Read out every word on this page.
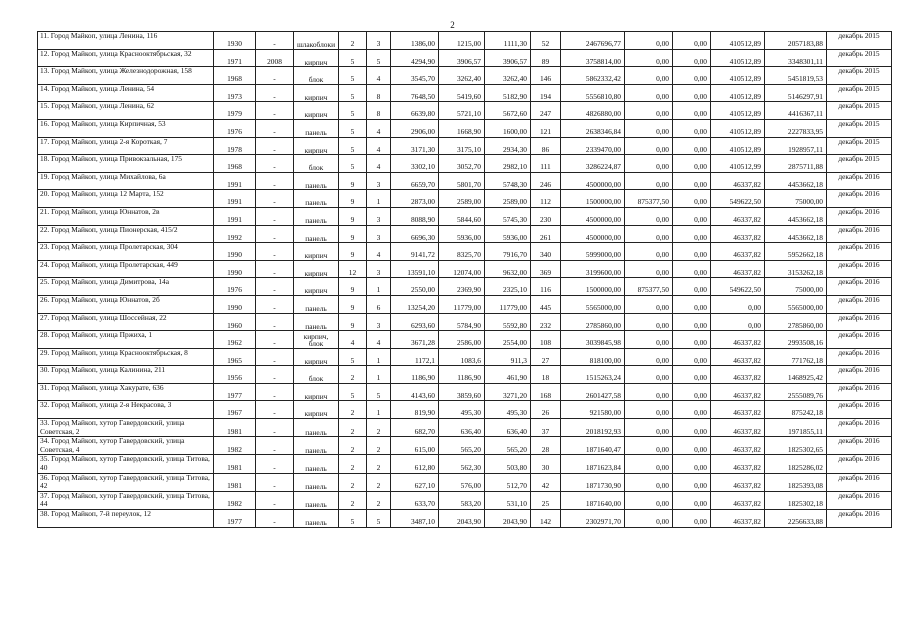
2
11. Город Майкоп, улица Ленина, 116	1930	-	шлакоблоки	2	3	1386,00	1215,00	1111,30	52	2467696,77	0,00	0,00	410512,89	2057183,88	декабрь 2015
12. Город Майкоп, улица Краснооктябрьская, 32	1971	2008	кирпич	5	5	4294,90	3906,57	3906,57	89	3758814,00	0,00	0,00	410512,89	3348301,11	декабрь 2015
13. Город Майкоп, улица Железнодорожная, 158	1968	-	блок	5	4	3545,70	3262,40	3262,40	146	5862332,42	0,00	0,00	410512,89	5451819,53	декабрь 2015
14. Город Майкоп, улица Ленина, 54	1973	-	кирпич	5	8	7648,50	5419,60	5182,90	194	5556810,80	0,00	0,00	410512,89	5146297,91	декабрь 2015
15. Город Майкоп, улица Ленина, 62	1979	-	кирпич	5	8	6639,80	5721,10	5672,60	247	4826880,00	0,00	0,00	410512,89	4416367,11	декабрь 2015
16. Город Майкоп, улица Кирпичная, 53	1976	-	панель	5	4	2906,00	1668,90	1600,00	121	2638346,84	0,00	0,00	410512,89	2227833,95	декабрь 2015
17. Город Майкоп, улица 2-я Короткая, 7	1978	-	кирпич	5	4	3171,30	3175,10	2934,30	86	2339470,00	0,00	0,00	410512,89	1928957,11	декабрь 2015
18. Город Майкоп, улица Привокзальная, 175	1968	-	блок	5	4	3302,10	3052,70	2982,10	111	3286224,87	0,00	0,00	410512,99	2875711,88	декабрь 2015
19. Город Майкоп, улица Михайлова, 6а	1991	-	панель	9	3	6659,70	5801,70	5748,30	246	4500000,00	0,00	0,00	46337,82	4453662,18	декабрь 2016
20. Город Майкоп, улица 12 Марта, 152	1991	-	панель	9	1	2873,00	2589,00	2589,00	112	1500000,00	875377,50	0,00	549622,50	75000,00	декабрь 2016
21. Город Майкоп, улица Юннатов, 2в	1991	-	панель	9	3	8088,90	5844,60	5745,30	230	4500000,00	0,00	0,00	46337,82	4453662,18	декабрь 2016
22. Город Майкоп, улица Пионерская, 415/2	1992	-	панель	9	3	6696,30	5936,00	5936,00	261	4500000,00	0,00	0,00	46337,82	4453662,18	декабрь 2016
23. Город Майкоп, улица Пролетарская, 304	1990	-	кирпич	9	4	9141,72	8325,70	7916,70	340	5999000,00	0,00	0,00	46337,82	5952662,18	декабрь 2016
24. Город Майкоп, улица Пролетарская, 449	1990	-	кирпич	12	3	13591,10	12074,00	9632,00	369	3199600,00	0,00	0,00	46337,82	3153262,18	декабрь 2016
25. Город Майкоп, улица Димитрова, 14а	1976	-	кирпич	9	1	2550,00	2369,90	2325,10	116	1500000,00	875377,50	0,00	549622,50	75000,00	декабрь 2016
26. Город Майкоп, улица Юннатов, 2б	1990	-	панель	9	6	13254,20	11779,00	11779,00	445	5565000,00	0,00	0,00	0,00	5565000,00	декабрь 2016
27. Город Майкоп, улица Шоссейная, 22	1960	-	панель	9	3	6293,60	5784,90	5592,80	232	2785860,00	0,00	0,00	0,00	2785860,00	декабрь 2016
28. Город Майкоп, улица Пржиха, 1	1962	-	кирпич, блок	4	4	3671,28	2586,00	2554,00	108	3039845,98	0,00	0,00	46337,82	2993508,16	декабрь 2016
29. Город Майкоп, улица Краснооктябрьская, 8	1965	-	кирпич	5	1	1172,1	1083,6	911,3	27	818100,00	0,00	0,00	46337,82	771762,18	декабрь 2016
30. Город Майкоп, улица Калинина, 211	1956	-	блок	2	1	1186,90	1186,90	461,90	18	1515263,24	0,00	0,00	46337,82	1468925,42	декабрь 2016
31. Город Майкоп, улица Хакурате, 636	1977	-	кирпич	5	5	4143,60	3859,60	3271,20	168	2601427,58	0,00	0,00	46337,82	2555089,76	декабрь 2016
32. Город Майкоп, улица 2-я Некрасова, 3	1967	-	кирпич	2	1	819,90	495,30	495,30	26	921580,00	0,00	0,00	46337,82	875242,18	декабрь 2016
33. Город Майкоп, хутор Гавердовский, улица Советская, 2	1981	-	панель	2	2	682,70	636,40	636,40	37	2018192,93	0,00	0,00	46337,82	1971855,11	декабрь 2016
34. Город Майкоп, хутор Гавердовский, улица Советская, 4	1982	-	панель	2	2	615,00	565,20	565,20	28	1871640,47	0,00	0,00	46337,82	1825302,65	декабрь 2016
35. Город Майкоп, хутор Гавердовский, улица Титова, 40	1981	-	панель	2	2	612,80	562,30	503,80	30	1871623,84	0,00	0,00	46337,82	1825286,02	декабрь 2016
36. Город Майкоп, хутор Гавердовский, улица Титова, 42	1981	-	панель	2	2	627,10	576,00	512,70	42	1871730,90	0,00	0,00	46337,82	1825393,08	декабрь 2016
37. Город Майкоп, хутор Гавердовский, улица Титова, 44	1982	-	панель	2	2	633,70	583,20	531,10	25	1871640,00	0,00	0,00	46337,82	1825302,18	декабрь 2016
38. Город Майкоп, 7-й переулок, 12	1977	-	панель	5	5	3487,10	2043,90	2043,90	142	2302971,70	0,00	0,00	46337,82	2256633,88	декабрь 2016
